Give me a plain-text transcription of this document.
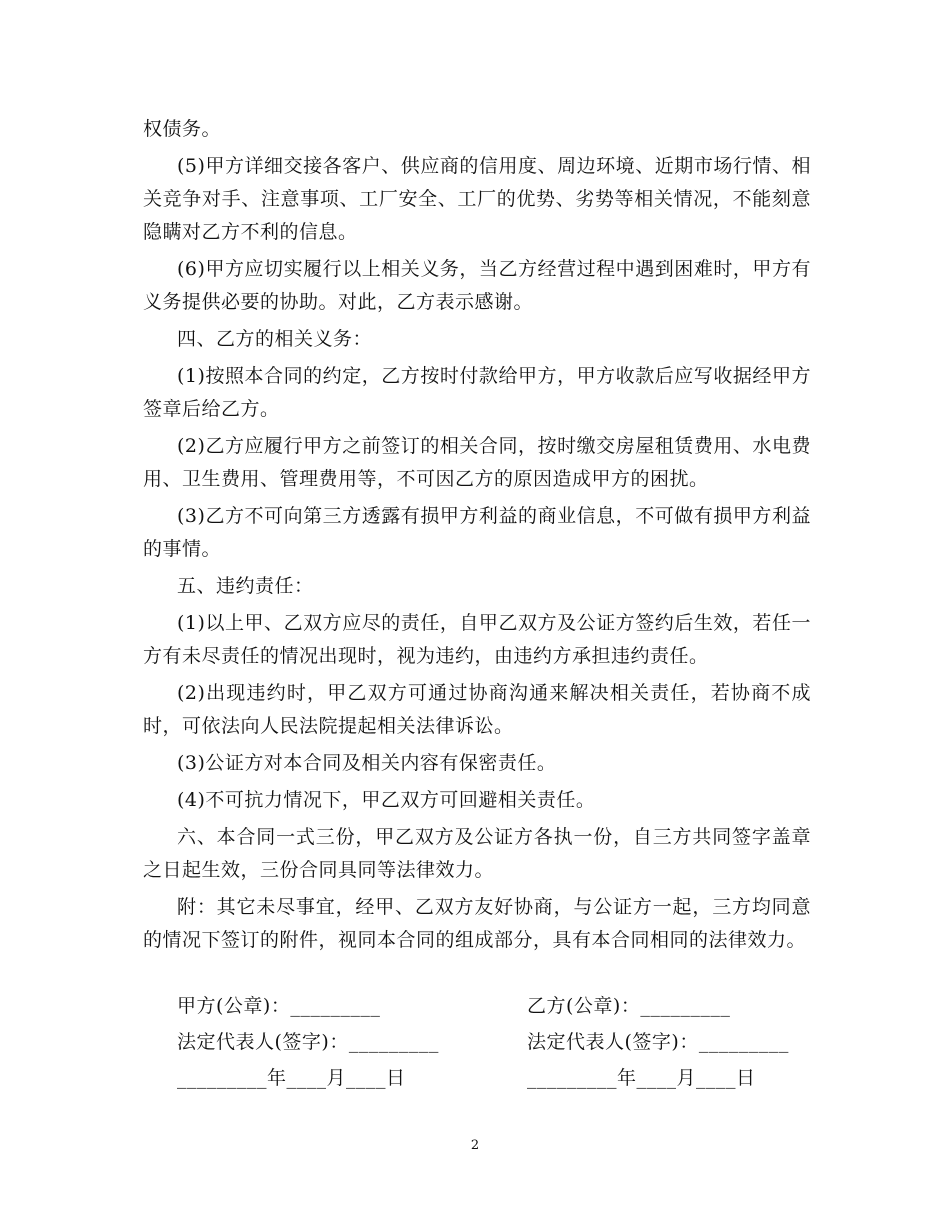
权债务。

(5)甲方详细交接各客户、供应商的信用度、周边环境、近期市场行情、相关竞争对手、注意事项、工厂安全、工厂的优势、劣势等相关情况，不能刻意隐瞒对乙方不利的信息。

(6)甲方应切实履行以上相关义务，当乙方经营过程中遇到困难时，甲方有义务提供必要的协助。对此，乙方表示感谢。

四、乙方的相关义务：

(1)按照本合同的约定，乙方按时付款给甲方，甲方收款后应写收据经甲方签章后给乙方。

(2)乙方应履行甲方之前签订的相关合同，按时缴交房屋租赁费用、水电费用、卫生费用、管理费用等，不可因乙方的原因造成甲方的困扰。

(3)乙方不可向第三方透露有损甲方利益的商业信息，不可做有损甲方利益的事情。

五、违约责任：

(1)以上甲、乙双方应尽的责任，自甲乙双方及公证方签约后生效，若任一方有未尽责任的情况出现时，视为违约，由违约方承担违约责任。

(2)出现违约时，甲乙双方可通过协商沟通来解决相关责任，若协商不成时，可依法向人民法院提起相关法律诉讼。

(3)公证方对本合同及相关内容有保密责任。

(4)不可抗力情况下，甲乙双方可回避相关责任。

六、本合同一式三份，甲乙双方及公证方各执一份，自三方共同签字盖章之日起生效，三份合同具同等法律效力。

附：其它未尽事宜，经甲、乙双方友好协商，与公证方一起，三方均同意的情况下签订的附件，视同本合同的组成部分，具有本合同相同的法律效力。

甲方(公章)：_________	乙方(公章)：_________
法定代表人(签字)：_________	法定代表人(签字)：_________
_________年____月____日	_________年____月____日
2
